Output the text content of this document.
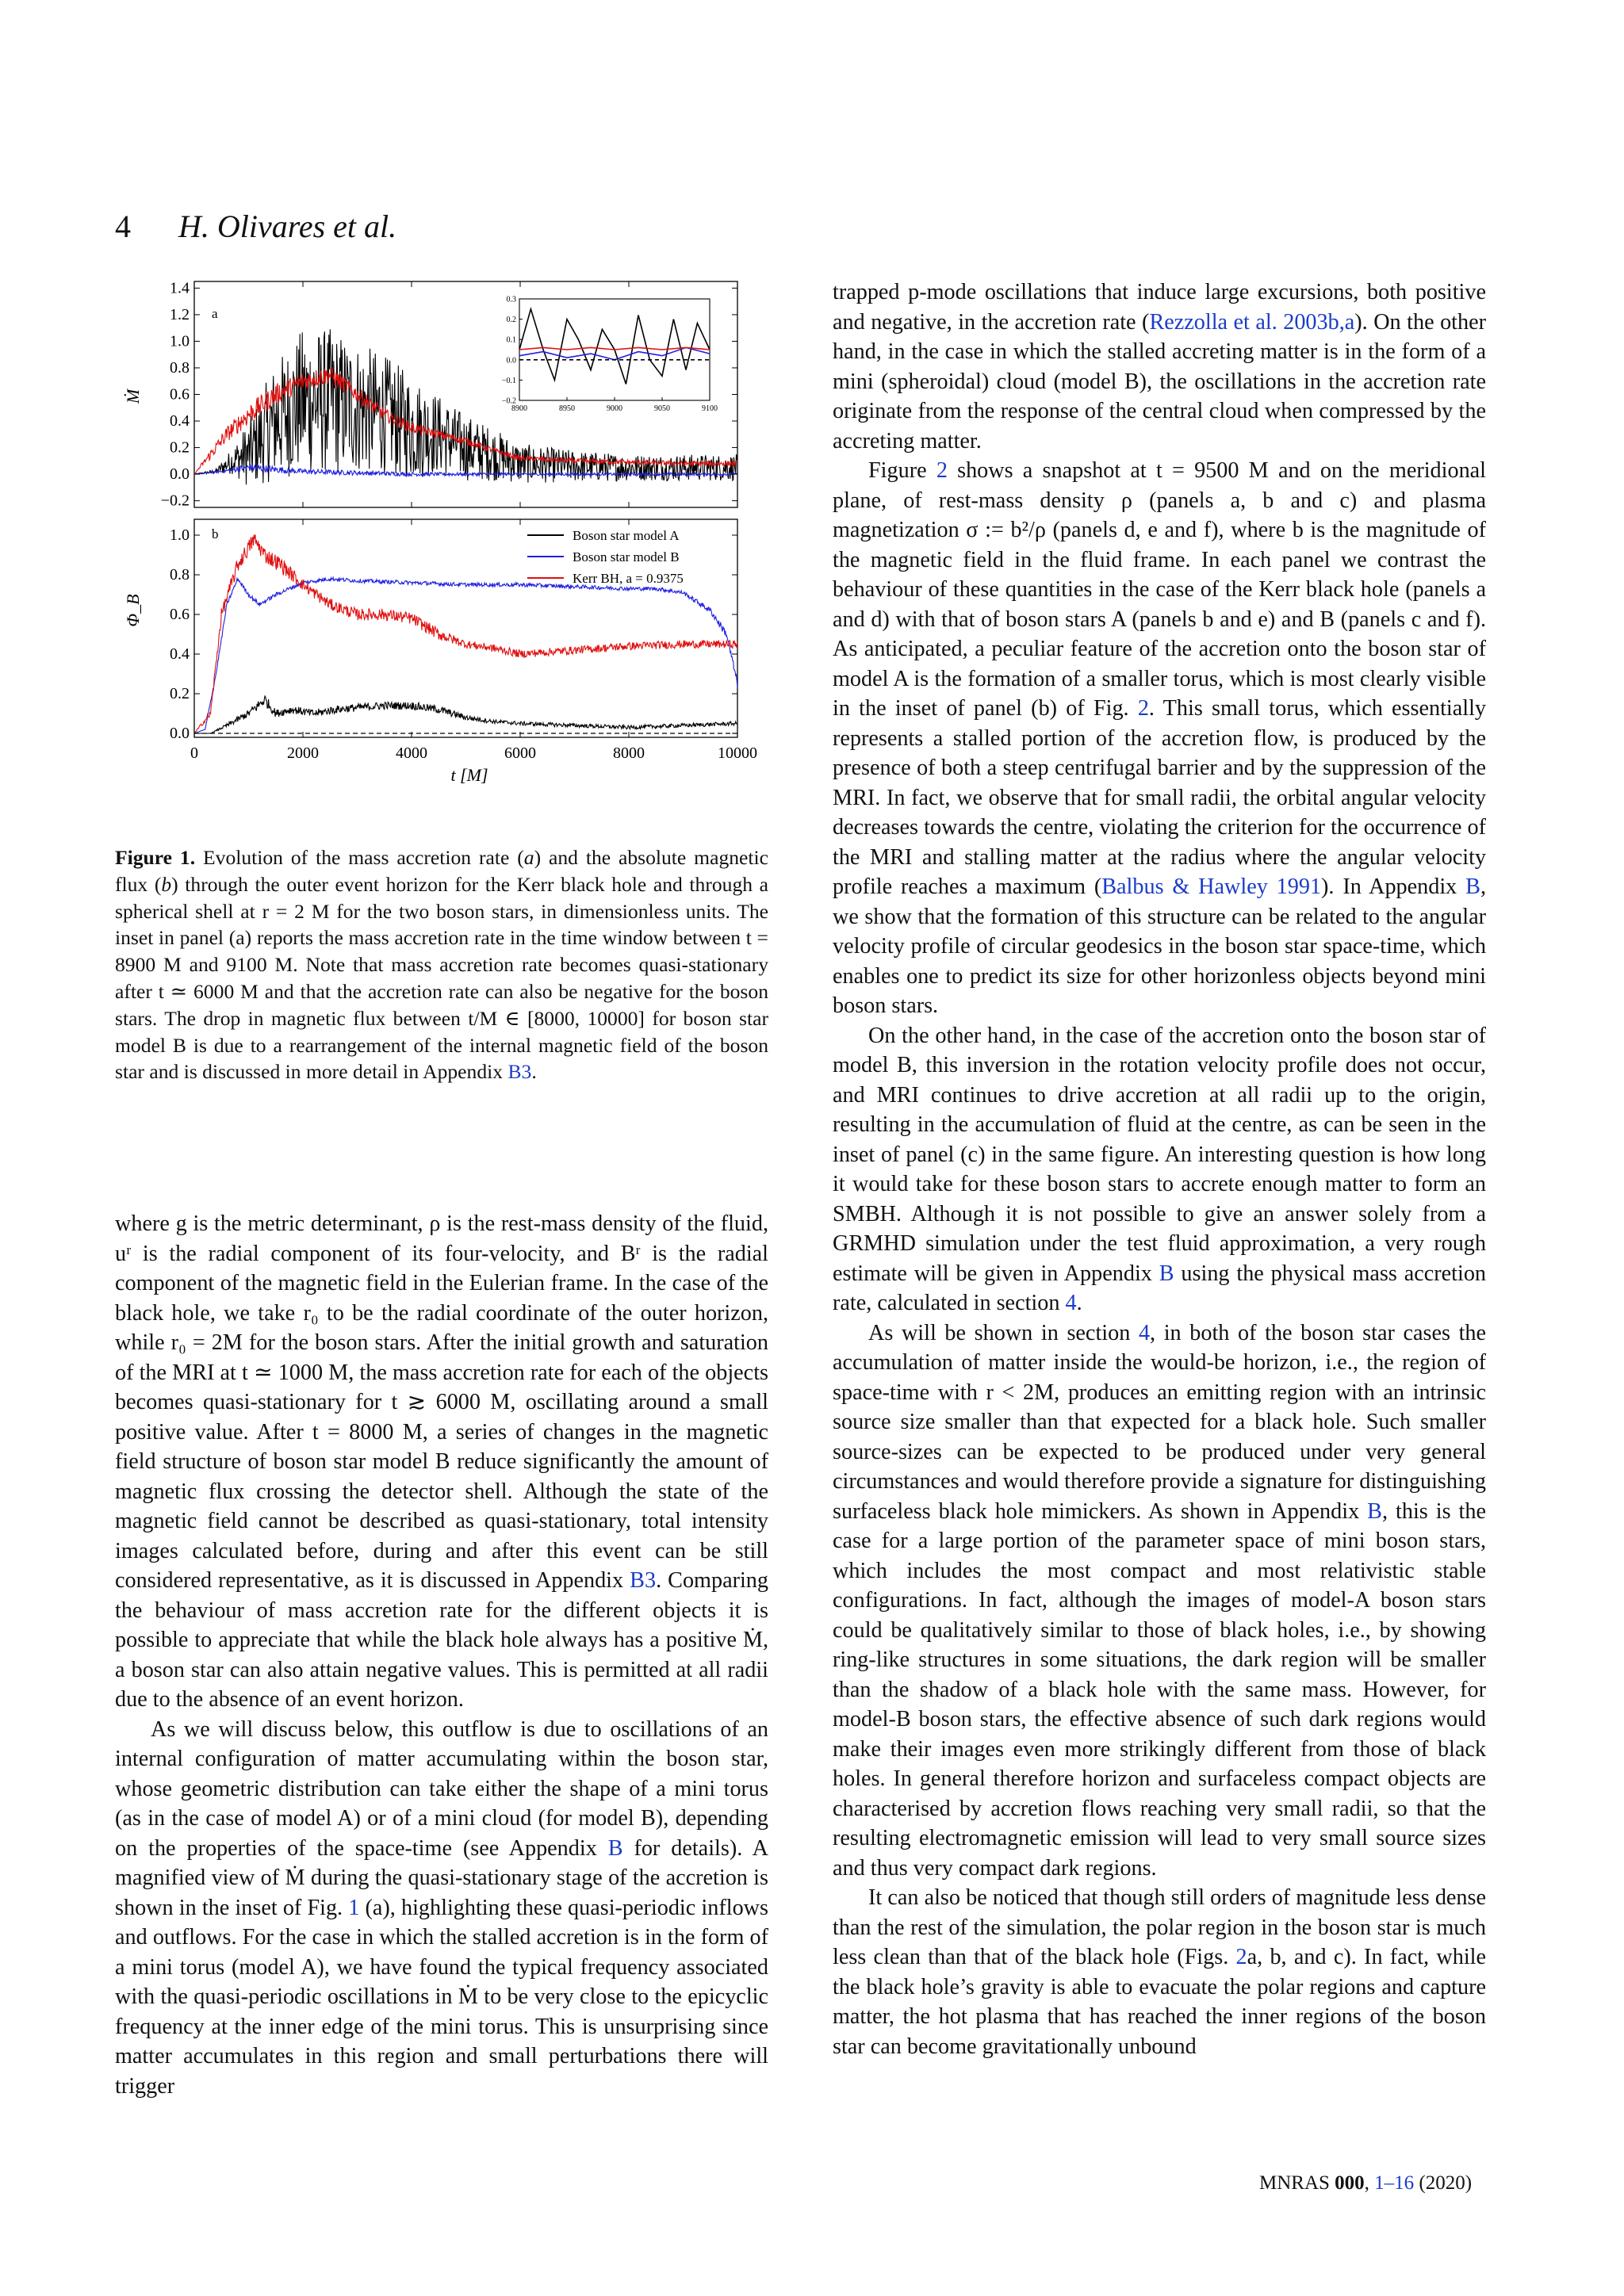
4 H. Olivares et al.
8900	8950	9000	9050	9100
0.3
0.2
0.1
0.0
−0.1
−0.2
1.4
1.2
1.0
0.8
0.6
0.4
0.2
0.0
−0.2
1.0
0.8
0.6
0.4
0.2
0.0
0	2000	4000	6000	8000	10000
a
b	Boson star model A
Boson star model B
Kerr BH, a = 0.9375
Ṁ
Φ_B
t [M]
Figure 1. Evolution of the mass accretion rate (a) and the absolute magnetic flux (b) through the outer event horizon for the Kerr black hole and through a spherical shell at r = 2 M for the two boson stars, in dimensionless units. The inset in panel (a) reports the mass accretion rate in the time window between t = 8900 M and 9100 M. Note that mass accretion rate becomes quasi-stationary after t ≃ 6000 M and that the accretion rate can also be negative for the boson stars. The drop in magnetic flux between t/M ∈ [8000, 10000] for boson star model B is due to a rearrangement of the internal magnetic field of the boson star and is discussed in more detail in Appendix B3.

where g is the metric determinant, ρ is the rest-mass density of the fluid, uʳ is the radial component of its four-velocity, and Bʳ is the radial component of the magnetic field in the Eulerian frame. In the case of the black hole, we take r₀ to be the radial coordinate of the outer horizon, while r₀ = 2M for the boson stars. After the initial growth and saturation of the MRI at t ≃ 1000 M, the mass accretion rate for each of the objects becomes quasi-stationary for t ≳ 6000 M, oscillating around a small positive value. After t = 8000 M, a series of changes in the magnetic field structure of boson star model B reduce significantly the amount of magnetic flux crossing the detector shell. Although the state of the magnetic field cannot be described as quasi-stationary, total intensity images calculated before, during and after this event can be still considered representative, as it is discussed in Appendix B3. Comparing the behaviour of mass accretion rate for the different objects it is possible to appreciate that while the black hole always has a positive Ṁ, a boson star can also attain negative values. This is permitted at all radii due to the absence of an event horizon.

As we will discuss below, this outflow is due to oscillations of an internal configuration of matter accumulating within the boson star, whose geometric distribution can take either the shape of a mini torus (as in the case of model A) or of a mini cloud (for model B), depending on the properties of the space-time (see Appendix B for details). A magnified view of Ṁ during the quasi-stationary stage of the accretion is shown in the inset of Fig. 1 (a), highlighting these quasi-periodic inflows and outflows. For the case in which the stalled accretion is in the form of a mini torus (model A), we have found the typical frequency associated with the quasi-periodic oscillations in Ṁ to be very close to the epicyclic frequency at the inner edge of the mini torus. This is unsurprising since matter accumulates in this region and small perturbations there will trigger

trapped p-mode oscillations that induce large excursions, both positive and negative, in the accretion rate (Rezzolla et al. 2003b,a). On the other hand, in the case in which the stalled accreting matter is in the form of a mini (spheroidal) cloud (model B), the oscillations in the accretion rate originate from the response of the central cloud when compressed by the accreting matter.

Figure 2 shows a snapshot at t = 9500 M and on the meridional plane, of rest-mass density ρ (panels a, b and c) and plasma magnetization σ := b²/ρ (panels d, e and f), where b is the magnitude of the magnetic field in the fluid frame. In each panel we contrast the behaviour of these quantities in the case of the Kerr black hole (panels a and d) with that of boson stars A (panels b and e) and B (panels c and f). As anticipated, a peculiar feature of the accretion onto the boson star of model A is the formation of a smaller torus, which is most clearly visible in the inset of panel (b) of Fig. 2. This small torus, which essentially represents a stalled portion of the accretion flow, is produced by the presence of both a steep centrifugal barrier and by the suppression of the MRI. In fact, we observe that for small radii, the orbital angular velocity decreases towards the centre, violating the criterion for the occurrence of the MRI and stalling matter at the radius where the angular velocity profile reaches a maximum (Balbus & Hawley 1991). In Appendix B, we show that the formation of this structure can be related to the angular velocity profile of circular geodesics in the boson star space-time, which enables one to predict its size for other horizonless objects beyond mini boson stars.

On the other hand, in the case of the accretion onto the boson star of model B, this inversion in the rotation velocity profile does not occur, and MRI continues to drive accretion at all radii up to the origin, resulting in the accumulation of fluid at the centre, as can be seen in the inset of panel (c) in the same figure. An interesting question is how long it would take for these boson stars to accrete enough matter to form an SMBH. Although it is not possible to give an answer solely from a GRMHD simulation under the test fluid approximation, a very rough estimate will be given in Appendix B using the physical mass accretion rate, calculated in section 4.

As will be shown in section 4, in both of the boson star cases the accumulation of matter inside the would-be horizon, i.e., the region of space-time with r < 2M, produces an emitting region with an intrinsic source size smaller than that expected for a black hole. Such smaller source-sizes can be expected to be produced under very general circumstances and would therefore provide a signature for distinguishing surfaceless black hole mimickers. As shown in Appendix B, this is the case for a large portion of the parameter space of mini boson stars, which includes the most compact and most relativistic stable configurations. In fact, although the images of model-A boson stars could be qualitatively similar to those of black holes, i.e., by showing ring-like structures in some situations, the dark region will be smaller than the shadow of a black hole with the same mass. However, for model-B boson stars, the effective absence of such dark regions would make their images even more strikingly different from those of black holes. In general therefore horizon and surfaceless compact objects are characterised by accretion flows reaching very small radii, so that the resulting electromagnetic emission will lead to very small source sizes and thus very compact dark regions.

It can also be noticed that though still orders of magnitude less dense than the rest of the simulation, the polar region in the boson star is much less clean than that of the black hole (Figs. 2a, b, and c). In fact, while the black hole’s gravity is able to evacuate the polar regions and capture matter, the hot plasma that has reached the inner regions of the boson star can become gravitationally unbound

MNRAS 000, 1–16 (2020)
